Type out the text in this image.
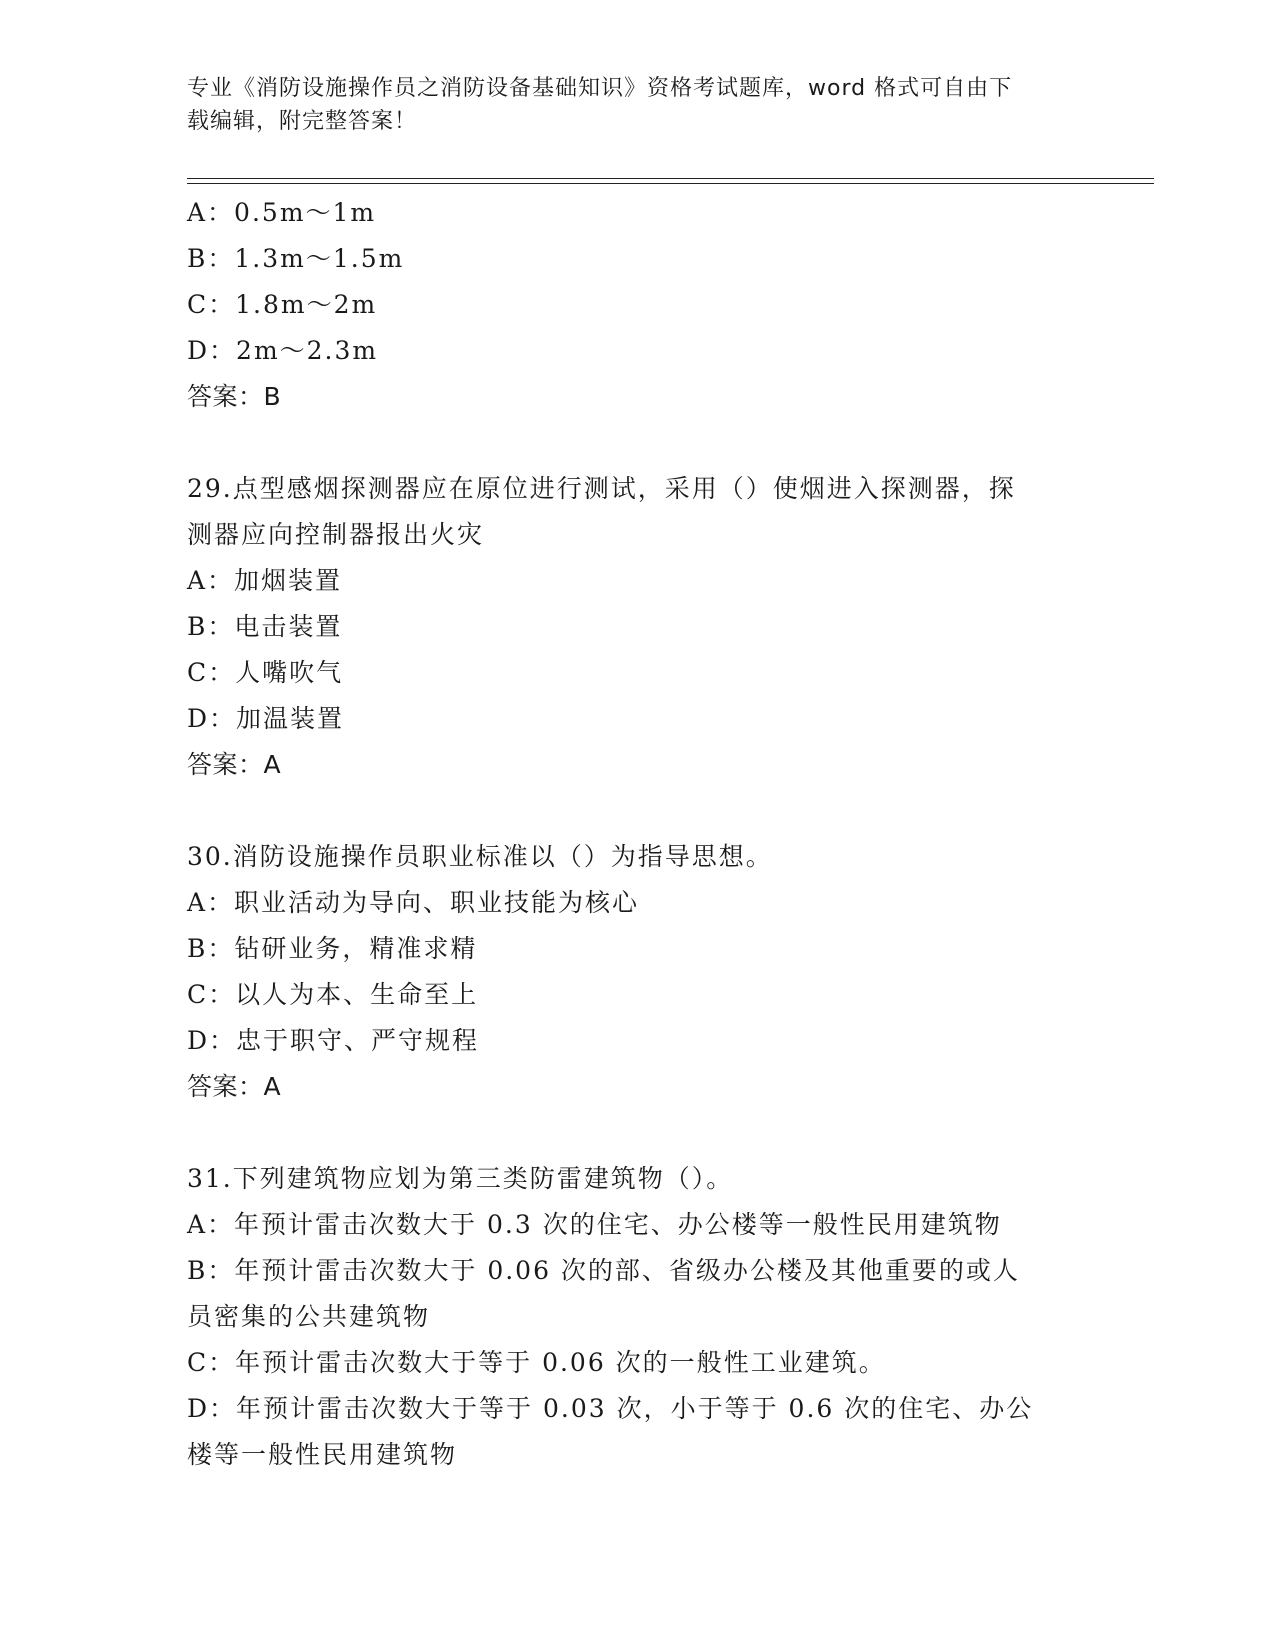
专业《消防设施操作员之消防设备基础知识》资格考试题库，word 格式可自由下
载编辑，附完整答案！
A：0.5m～1m
B：1.3m～1.5m
C：1.8m～2m
D：2m～2.3m
答案：B
29.点型感烟探测器应在原位进行测试，采用（）使烟进入探测器，探
测器应向控制器报出火灾
A：加烟装置
B：电击装置
C：人嘴吹气
D：加温装置
答案：A
30.消防设施操作员职业标准以（）为指导思想。
A：职业活动为导向、职业技能为核心
B：钻研业务，精准求精
C：以人为本、生命至上
D：忠于职守、严守规程
答案：A
31.下列建筑物应划为第三类防雷建筑物（）。
A：年预计雷击次数大于 0.3 次的住宅、办公楼等一般性民用建筑物
B：年预计雷击次数大于 0.06 次的部、省级办公楼及其他重要的或人
员密集的公共建筑物
C：年预计雷击次数大于等于 0.06 次的一般性工业建筑。
D：年预计雷击次数大于等于 0.03 次，小于等于 0.6 次的住宅、办公
楼等一般性民用建筑物
